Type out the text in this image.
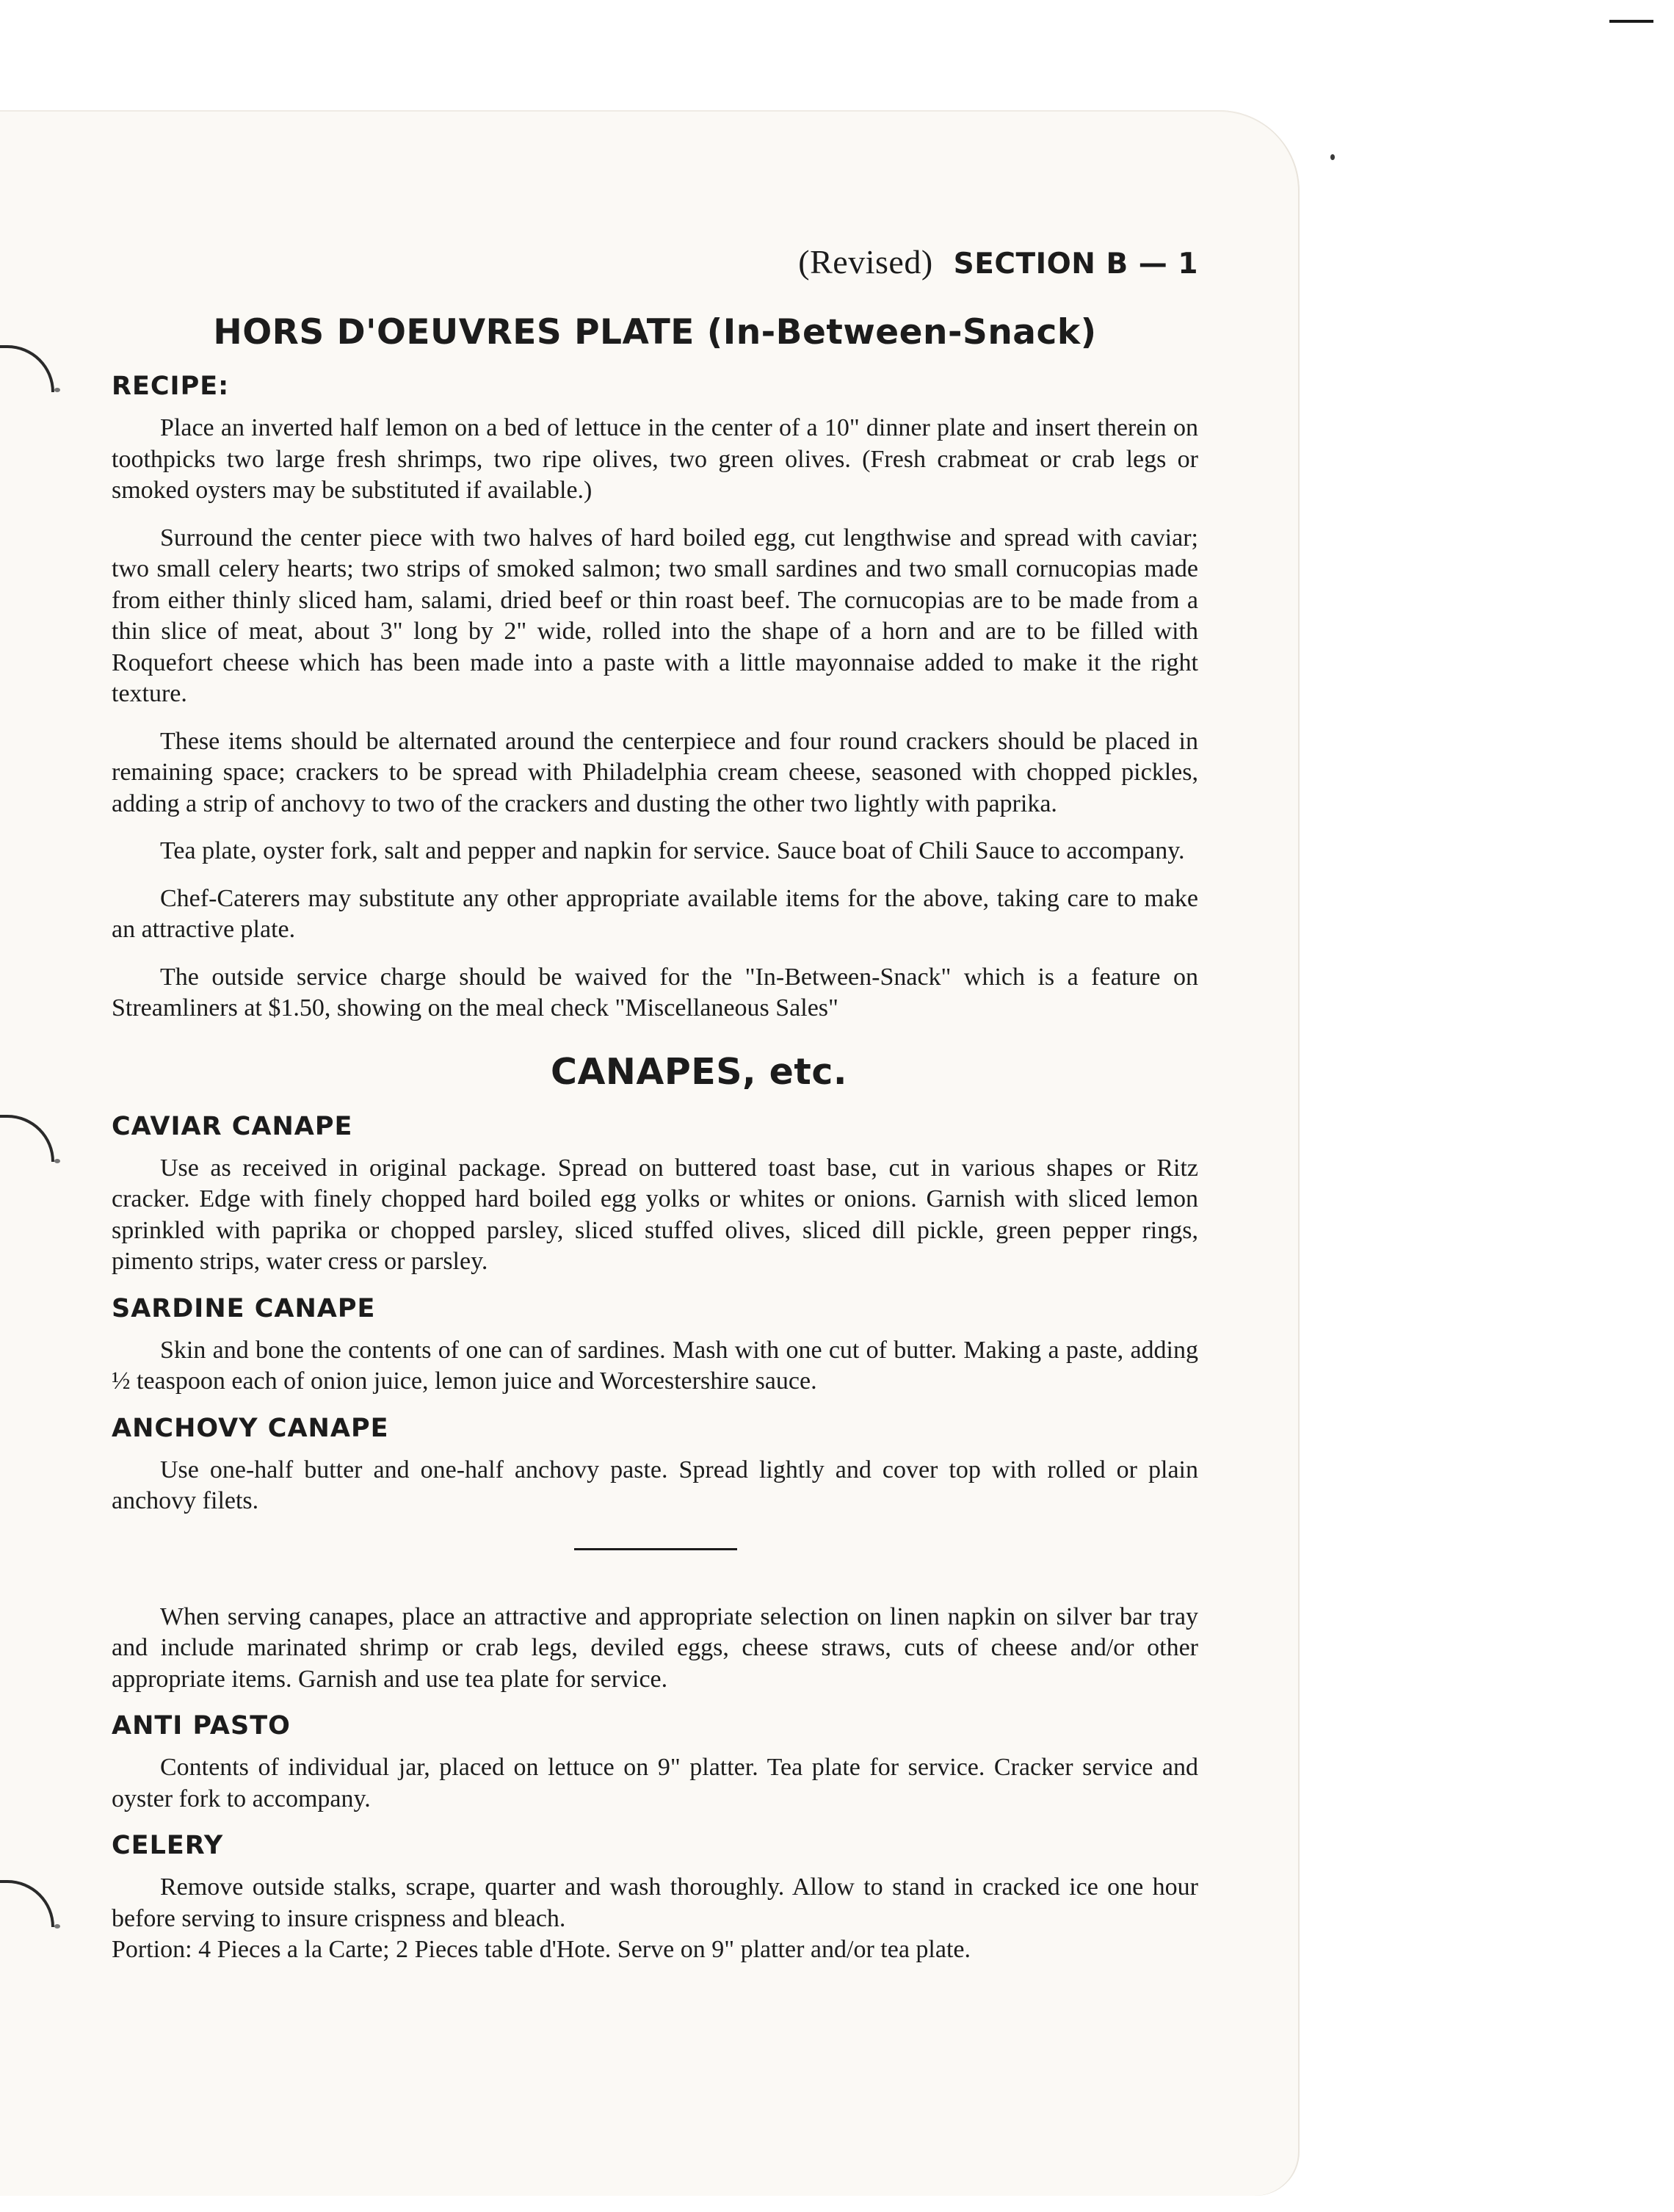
(Revised) SECTION B — 1
HORS D'OEUVRES PLATE (In-Between-Snack)
RECIPE:

Place an inverted half lemon on a bed of lettuce in the center of a 10" dinner plate and insert therein on toothpicks two large fresh shrimps, two ripe olives, two green olives. (Fresh crabmeat or crab legs or smoked oysters may be substituted if available.)

Surround the center piece with two halves of hard boiled egg, cut lengthwise and spread with caviar; two small celery hearts; two strips of smoked salmon; two small sardines and two small cornucopias made from either thinly sliced ham, salami, dried beef or thin roast beef. The cornucopias are to be made from a thin slice of meat, about 3" long by 2" wide, rolled into the shape of a horn and are to be filled with Roquefort cheese which has been made into a paste with a little mayonnaise added to make it the right texture.

These items should be alternated around the centerpiece and four round crackers should be placed in remaining space; crackers to be spread with Philadelphia cream cheese, seasoned with chopped pickles, adding a strip of anchovy to two of the crackers and dusting the other two lightly with paprika.

Tea plate, oyster fork, salt and pepper and napkin for service. Sauce boat of Chili Sauce to accompany.

Chef-Caterers may substitute any other appropriate available items for the above, taking care to make an attractive plate.

The outside service charge should be waived for the "In-Between-Snack" which is a feature on Streamliners at $1.50, showing on the meal check "Miscellaneous Sales"

CANAPES, etc.
CAVIAR CANAPE

Use as received in original package. Spread on buttered toast base, cut in various shapes or Ritz cracker. Edge with finely chopped hard boiled egg yolks or whites or onions. Garnish with sliced lemon sprinkled with paprika or chopped parsley, sliced stuffed olives, sliced dill pickle, green pepper rings, pimento strips, water cress or parsley.

SARDINE CANAPE

Skin and bone the contents of one can of sardines. Mash with one cut of butter. Making a paste, adding ½ teaspoon each of onion juice, lemon juice and Worcestershire sauce.

ANCHOVY CANAPE

Use one-half butter and one-half anchovy paste. Spread lightly and cover top with rolled or plain anchovy filets.

When serving canapes, place an attractive and appropriate selection on linen napkin on silver bar tray and include marinated shrimp or crab legs, deviled eggs, cheese straws, cuts of cheese and/or other appropriate items. Garnish and use tea plate for service.

ANTI PASTO

Contents of individual jar, placed on lettuce on 9" platter. Tea plate for service. Cracker service and oyster fork to accompany.

CELERY

Remove outside stalks, scrape, quarter and wash thoroughly. Allow to stand in cracked ice one hour before serving to insure crispness and bleach.

Portion: 4 Pieces a la Carte; 2 Pieces table d'Hote. Serve on 9" platter and/or tea plate.
